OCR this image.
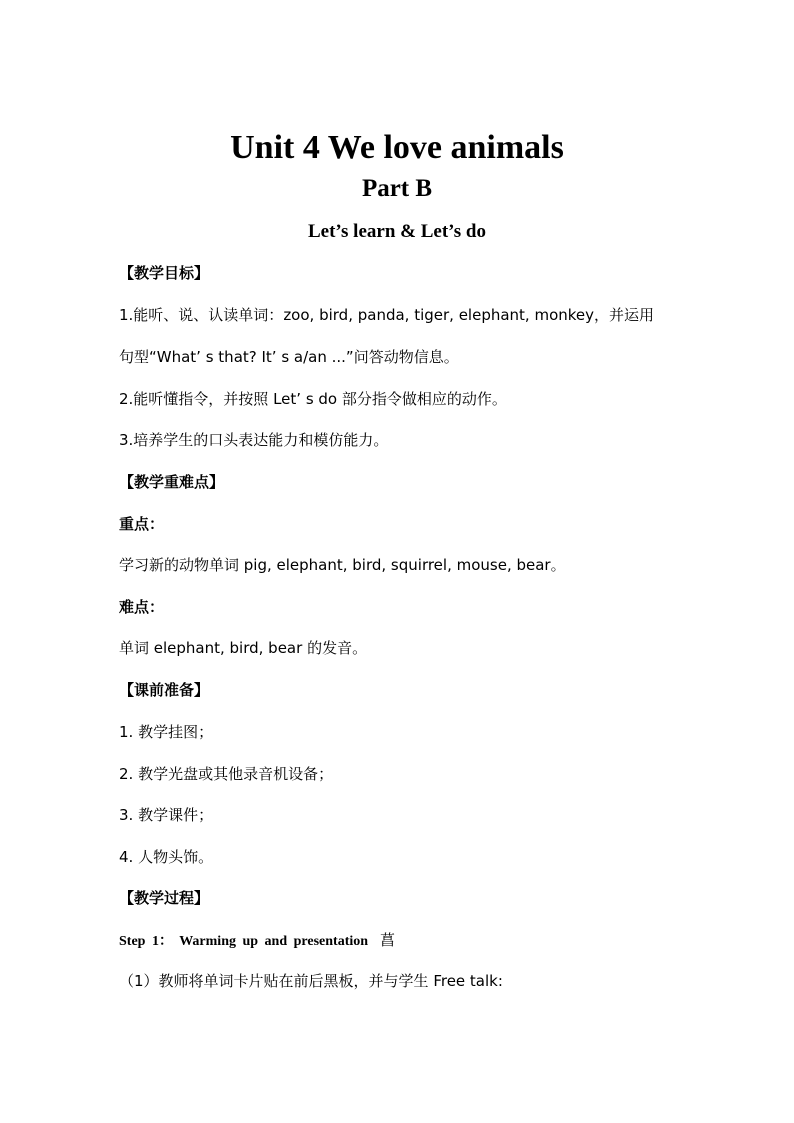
Unit 4 We love animals
Part B
Let’s learn & Let’s do

【教学目标】

1.能听、说、认读单词：zoo, bird, panda, tiger, elephant, monkey，并运用

句型“What’ s that? It’ s a/an ...”问答动物信息。

2.能听懂指令，并按照 Let’ s do 部分指令做相应的动作。

3.培养学生的口头表达能力和模仿能力。

【教学重难点】

重点：

学习新的动物单词 pig, elephant, bird, squirrel, mouse, bear。

难点：

单词 elephant, bird, bear 的发音。

【课前准备】

1. 教学挂图；

2. 教学光盘或其他录音机设备；

3. 教学课件；

4. 人物头饰。

【教学过程】

Step 1： Warming up and presentation 菖

（1）教师将单词卡片贴在前后黑板，并与学生 Free talk:
